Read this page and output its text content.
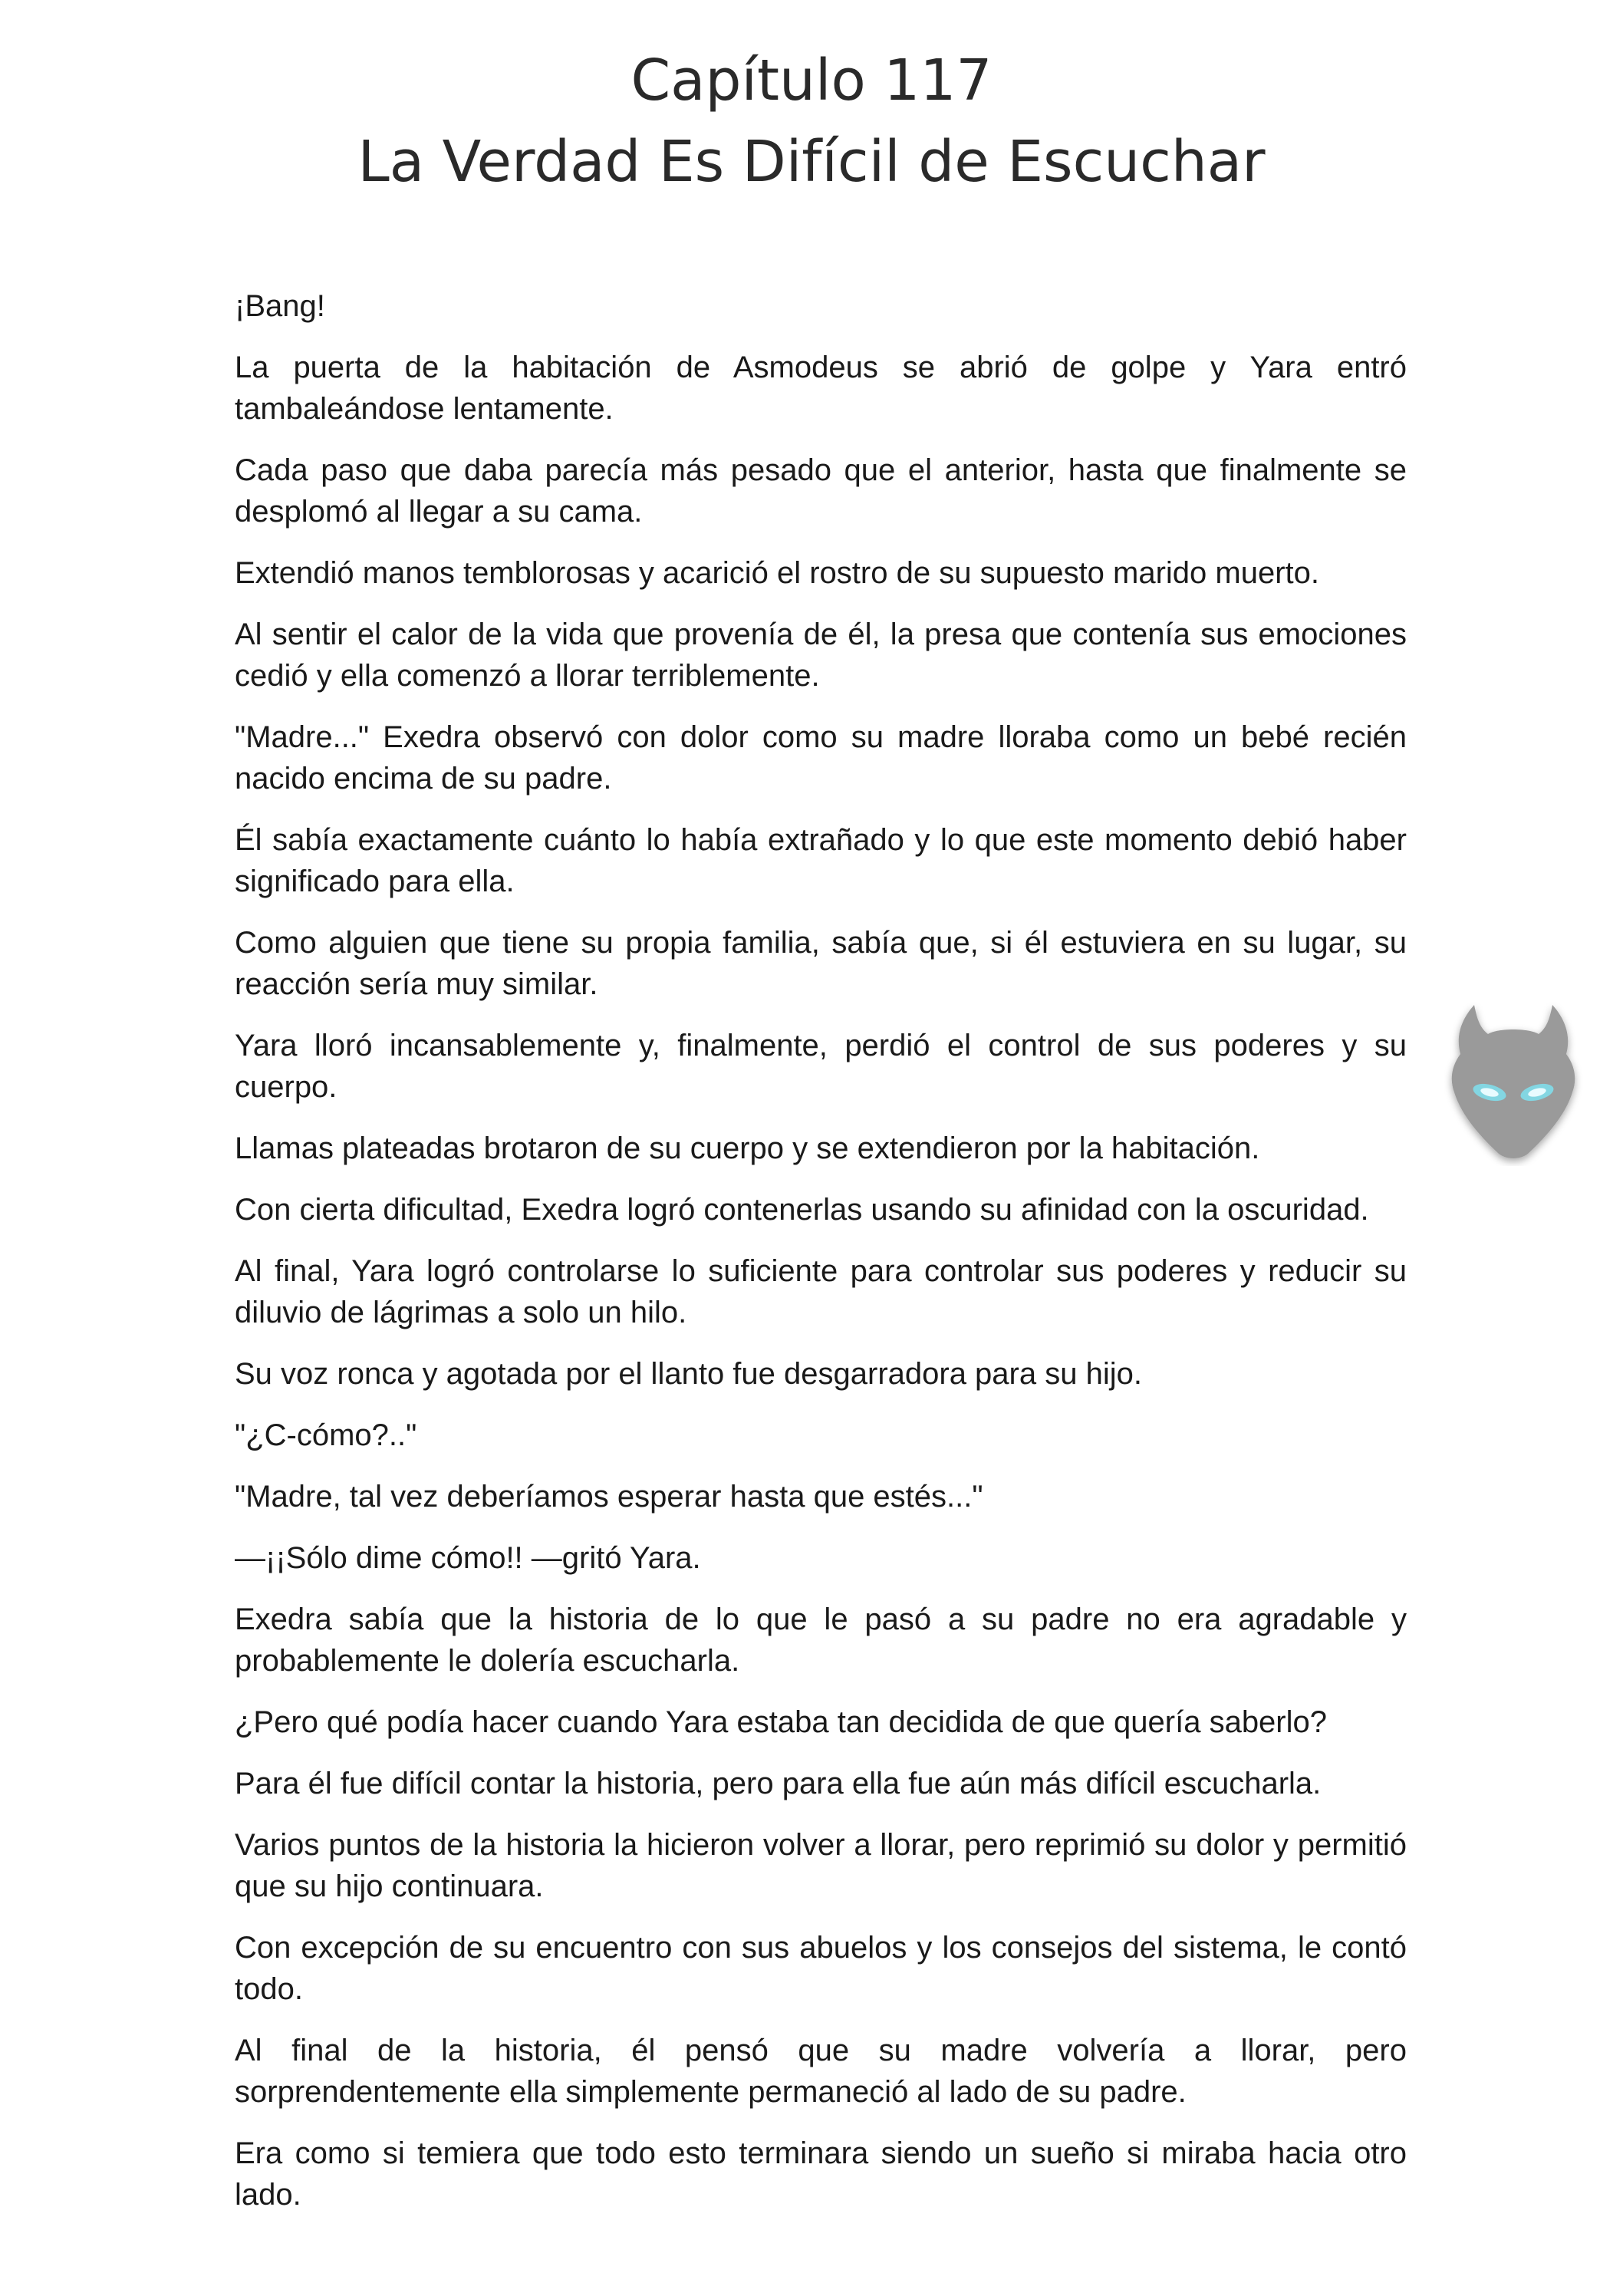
Capítulo 117
La Verdad Es Difícil de Escuchar

¡Bang!

La puerta de la habitación de Asmodeus se abrió de golpe y Yara entró tambaleándose lentamente.

Cada paso que daba parecía más pesado que el anterior, hasta que finalmente se desplomó al llegar a su cama.

Extendió manos temblorosas y acarició el rostro de su supuesto marido muerto.

Al sentir el calor de la vida que provenía de él, la presa que contenía sus emociones cedió y ella comenzó a llorar terriblemente.

"Madre..." Exedra observó con dolor como su madre lloraba como un bebé recién nacido encima de su padre.

Él sabía exactamente cuánto lo había extrañado y lo que este momento debió haber significado para ella.

Como alguien que tiene su propia familia, sabía que, si él estuviera en su lugar, su reacción sería muy similar.

Yara lloró incansablemente y, finalmente, perdió el control de sus poderes y su cuerpo.

Llamas plateadas brotaron de su cuerpo y se extendieron por la habitación.

Con cierta dificultad, Exedra logró contenerlas usando su afinidad con la oscuridad.

Al final, Yara logró controlarse lo suficiente para controlar sus poderes y reducir su diluvio de lágrimas a solo un hilo.

Su voz ronca y agotada por el llanto fue desgarradora para su hijo.

"¿C-cómo?.."

"Madre, tal vez deberíamos esperar hasta que estés..."

—¡¡Sólo dime cómo!! —gritó Yara.

Exedra sabía que la historia de lo que le pasó a su padre no era agradable y probablemente le dolería escucharla.

¿Pero qué podía hacer cuando Yara estaba tan decidida de que quería saberlo?

Para él fue difícil contar la historia, pero para ella fue aún más difícil escucharla.

Varios puntos de la historia la hicieron volver a llorar, pero reprimió su dolor y permitió que su hijo continuara.

Con excepción de su encuentro con sus abuelos y los consejos del sistema, le contó todo.

Al final de la historia, él pensó que su madre volvería a llorar, pero sorprendentemente ella simplemente permaneció al lado de su padre.

Era como si temiera que todo esto terminara siendo un sueño si miraba hacia otro lado.
